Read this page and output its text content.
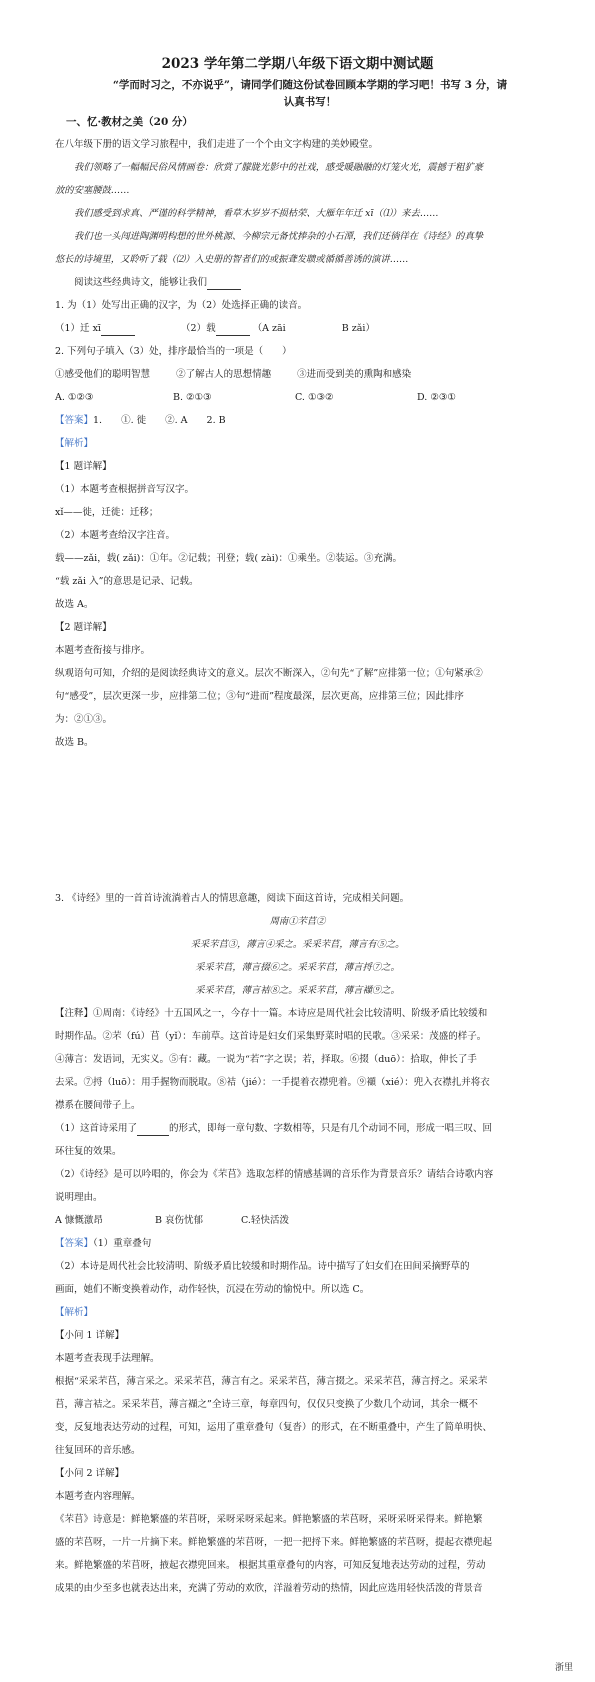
2023 学年第二学期八年级下语文期中测试题
“学而时习之，不亦说乎”，请同学们随这份试卷回顾本学期的学习吧！书写 3 分，请
认真书写！
一、忆·教材之美（20 分）
在八年级下册的语文学习旅程中，我们走进了一个个由文字构建的美妙殿堂。
我们领略了一幅幅民俗风情画卷：欣赏了朦胧光影中的社戏，感受暖融融的灯笼火光，震撼于粗犷豪
放的安塞腰鼓……
我们感受到求真、严谨的科学精神，看草木岁岁不损枯荣、大雁年年迁 xī（⑴）来去……
我们也一头闯进陶渊明构想的世外桃源、今柳宗元备忧捧杂的小石潭，我们还徜徉在《诗经》的真挚
悠长的诗境里，又聆听了载（⑵）入史册的智者们的或振聋发聩或循循善诱的演讲……
阅读这些经典诗文，能够让我们
1. 为（1）处写出正确的汉字，为（2）处选择正确的读音。
（1）迁 xī	（2）载	（A zāi	B zǎi）
2. 下列句子填入（3）处，排序最恰当的一项是（　　）
①感受他们的聪明智慧	②了解古人的思想情趣	③进而受到美的熏陶和感染
A. ①②③	B. ②①③	C. ①③②	D. ②③①
【答案】1.　　①. 徙　　②. A　　2. B
【解析】
【1 题详解】
（1）本题考查根据拼音写汉字。
xǐ——徙，迁徙：迁移；
（2）本题考查给汉字注音。
载——zǎi，载( zǎi)：①年。②记载；刊登；载( zài)：①乘坐。②装运。③充满。
“载 zǎi 入”的意思是记录、记载。
故选 A。
【2 题详解】
本题考查衔接与排序。
纵观语句可知，介绍的是阅读经典诗文的意义。层次不断深入，②句先“了解”应排第一位；①句紧承②
句“感受”，层次更深一步，应排第二位；③句“进而”程度最深，层次更高，应排第三位；因此排序
为：②①③。
故选 B。
3. 《诗经》里的一首首诗流淌着古人的情思意趣，阅读下面这首诗，完成相关问题。
周南①芣苢②
采采芣苢③，薄言④采之。采采芣苢，薄言有⑤之。
采采芣苢，薄言掇⑥之。采采芣苢，薄言捋⑦之。
采采芣苢，薄言袺⑧之。采采芣苢，薄言襭⑨之。
【注释】①周南：《诗经》十五国风之一，今存十一篇。本诗应是周代社会比较清明、阶级矛盾比较缓和
时期作品。②芣（fú）苢（yǐ）：车前草。这首诗是妇女们采集野菜时唱的民歌。③采采：茂盛的样子。
④薄言：发语词，无实义。⑤有：藏。一说为“若”字之误；若，择取。⑥掇（duō）：拾取，伸长了手
去采。⑦捋（luō）：用手握物而脱取。⑧袺（jié）：一手提着衣襟兜着。⑨襭（xié）：兜入衣襟扎并将衣
襟系在腰间带子上。
（1）这首诗采用了	的形式，即每一章句数、字数相等，只是有几个动词不同，形成一唱三叹、回
环往复的效果。
（2）《诗经》是可以吟唱的，你会为《芣苢》选取怎样的情感基调的音乐作为背景音乐？请结合诗歌内容
说明理由。
A 慷慨激昂	B 哀伤忧郁	C.轻快活泼
【答案】（1）重章叠句
（2）本诗是周代社会比较清明、阶级矛盾比较缓和时期作品。诗中描写了妇女们在田间采摘野草的
画面，她们不断变换着动作，动作轻快，沉浸在劳动的愉悦中。所以选 C。
【解析】
【小问 1 详解】
本题考查表现手法理解。
根据“采采芣苢，薄言采之。采采芣苢，薄言有之。采采芣苢，薄言掇之。采采芣苢，薄言捋之。采采芣
苢，薄言袺之。采采芣苢，薄言襭之”全诗三章，每章四句，仅仅只变换了少数几个动词，其余一概不
变，反复地表达劳动的过程，可知，运用了重章叠句（复沓）的形式，在不断重叠中，产生了简单明快、
往复回环的音乐感。
【小问 2 详解】
本题考查内容理解。
《芣苢》诗意是：鲜艳繁盛的芣苢呀，采呀采呀采起来。鲜艳繁盛的芣苢呀，采呀采呀采得来。鲜艳繁
盛的芣苢呀，一片一片摘下来。鲜艳繁盛的芣苢呀，一把一把捋下来。鲜艳繁盛的芣苢呀，提起衣襟兜起
来。鲜艳繁盛的芣苢呀，掖起衣襟兜回来。 根据其重章叠句的内容，可知反复地表达劳动的过程，劳动
成果的由少至多也就表达出来，充满了劳动的欢欣，洋溢着劳动的热情，因此应选用轻快活泼的背景音
浙里
